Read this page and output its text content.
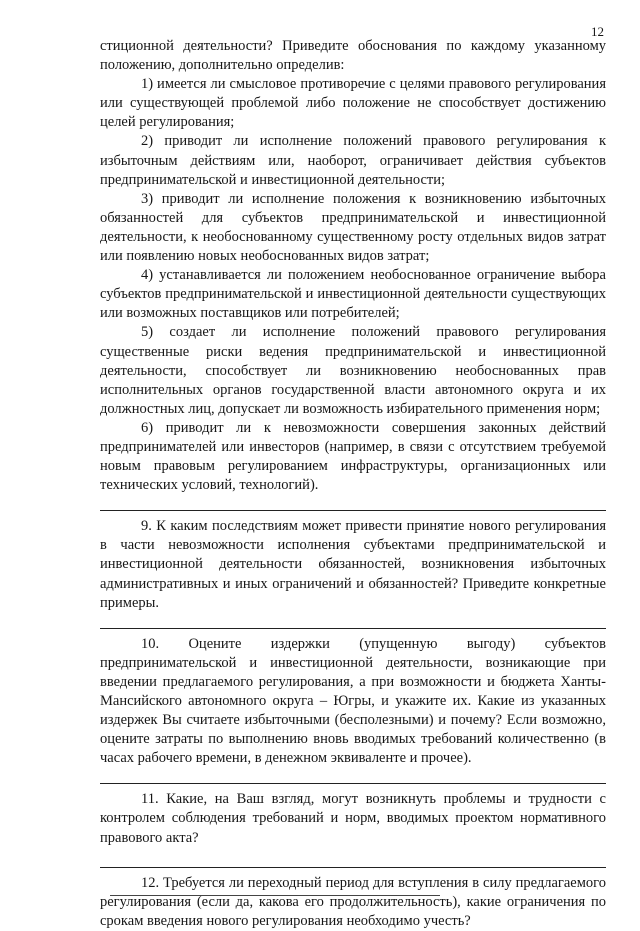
12

стиционной деятельности? Приведите обоснования по каждому указанному положению, дополнительно определив:

1) имеется ли смысловое противоречие с целями правового регулирования или существующей проблемой либо положение не способствует достижению целей регулирования;

2) приводит ли исполнение положений правового регулирования к избыточным действиям или, наоборот, ограничивает действия субъектов предпринимательской и инвестиционной деятельности;

3) приводит ли исполнение положения к возникновению избыточных обязанностей для субъектов предпринимательской и инвестиционной деятельности, к необоснованному существенному росту отдельных видов затрат или появлению новых необоснованных видов затрат;

4) устанавливается ли положением необоснованное ограничение выбора субъектов предпринимательской и инвестиционной деятельности существующих или возможных поставщиков или потребителей;

5) создает ли исполнение положений правового регулирования существенные риски ведения предпринимательской и инвестиционной деятельности, способствует ли возникновению необоснованных прав исполнительных органов государственной власти автономного округа и их должностных лиц, допускает ли возможность избирательного применения норм;

6) приводит ли к невозможности совершения законных действий предпринимателей или инвесторов (например, в связи с отсутствием требуемой новым правовым регулированием инфраструктуры, организационных или технических условий, технологий).

9. К каким последствиям может привести принятие нового регулирования в части невозможности исполнения субъектами предпринимательской и инвестиционной деятельности обязанностей, возникновения избыточных административных и иных ограничений и обязанностей? Приведите конкретные примеры.

10. Оцените издержки (упущенную выгоду) субъектов предпринимательской и инвестиционной деятельности, возникающие при введении предлагаемого регулирования, а при возможности и бюджета Ханты-Мансийского автономного округа – Югры, и укажите их. Какие из указанных издержек Вы считаете избыточными (бесполезными) и почему? Если возможно, оцените затраты по выполнению вновь вводимых требований количественно (в часах рабочего времени, в денежном эквиваленте и прочее).

11. Какие, на Ваш взгляд, могут возникнуть проблемы и трудности с контролем соблюдения требований и норм, вводимых проектом нормативного правового акта?

12. Требуется ли переходный период для вступления в силу предлагаемого регулирования (если да, какова его продолжительность), какие ограничения по срокам введения нового регулирования необходимо учесть?
